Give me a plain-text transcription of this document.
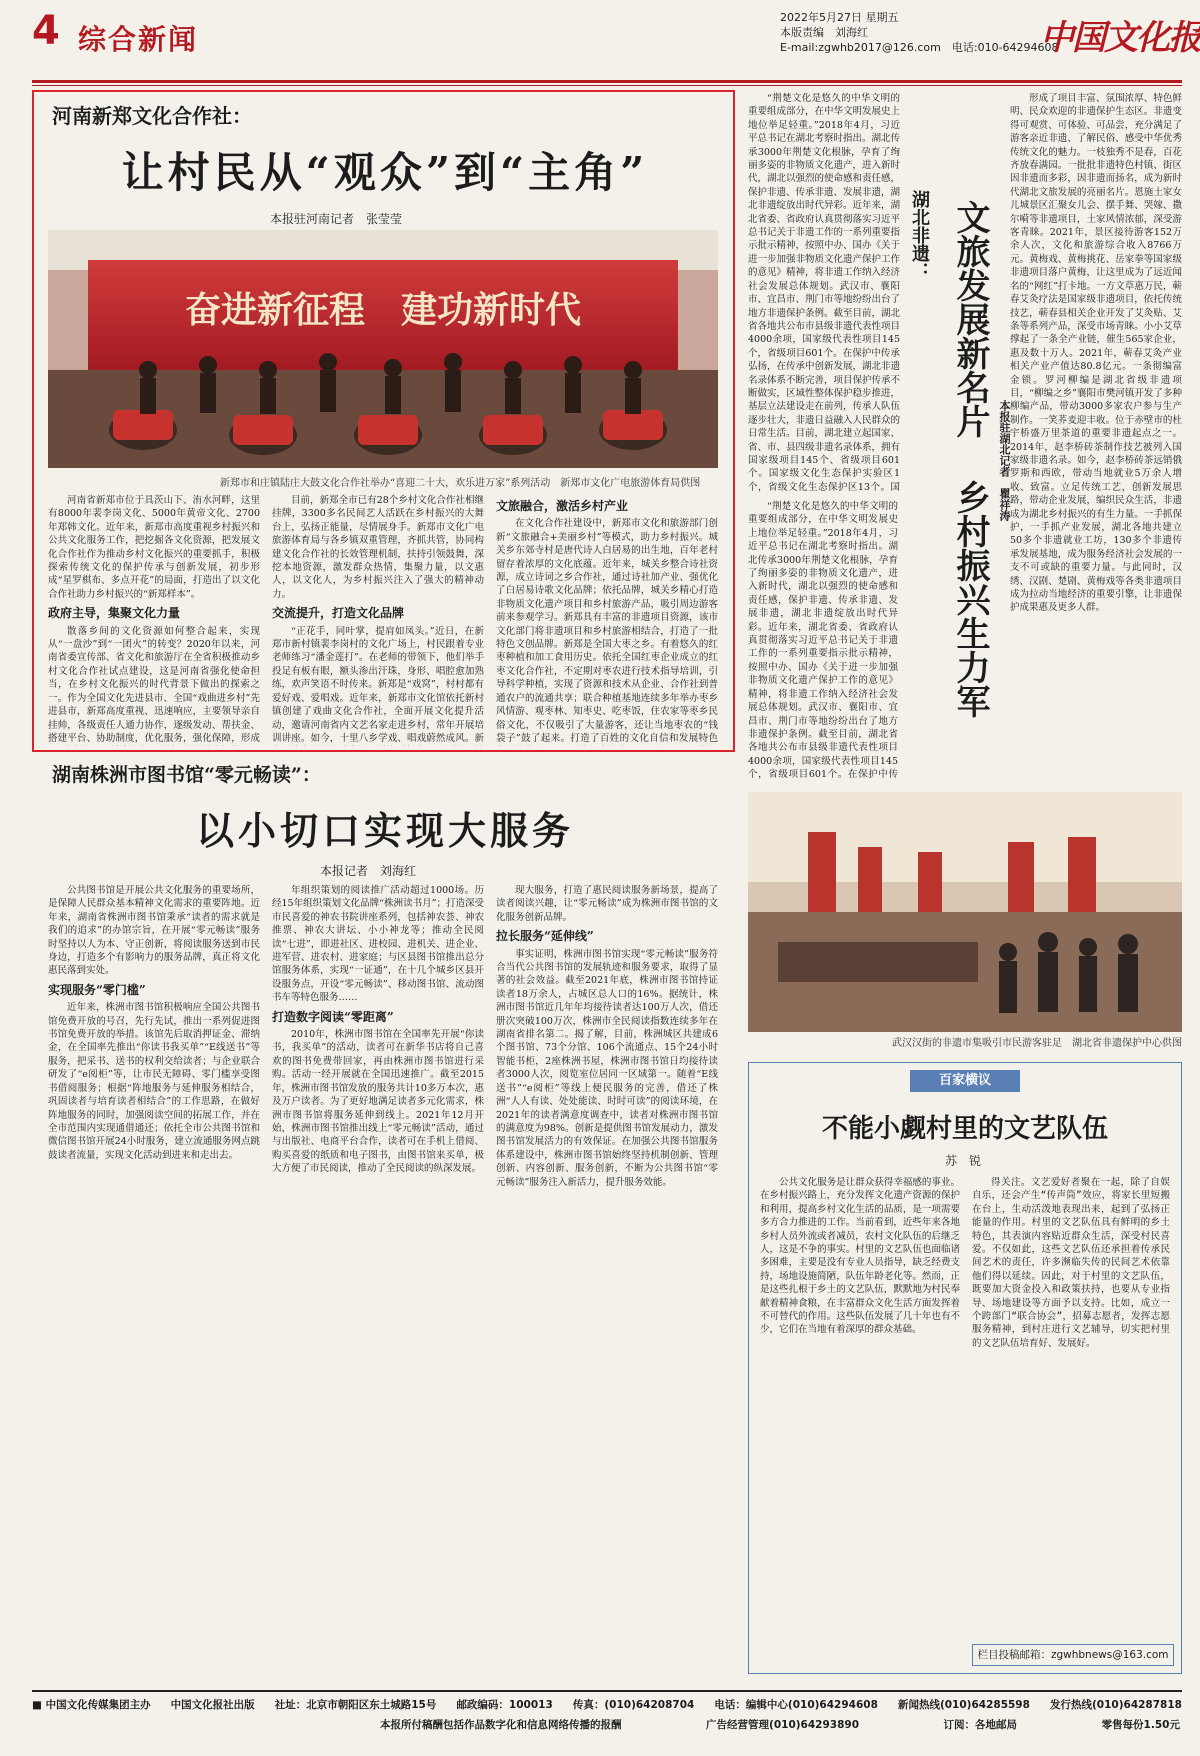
4 综合新闻
2022年5月27日 星期五
本版责编　刘海红
E-mail:zgwhb2017@126.com　电话:010-64294608
中国文化报
河南新郑文化合作社：
让村民从“观众”到“主角”
本报驻河南记者　张莹莹
奋进新征程　建功新时代
新郑市和庄镇陆庄大鼓文化合作社举办“喜迎二十大，欢乐进万家”系列活动　新郑市文化广电旅游体育局供图

河南省新郑市位于具茨山下、洧水河畔，这里有8000年裴李岗文化、5000年黄帝文化、2700年郑韩文化。近年来，新郑市高度重视乡村振兴和公共文化服务工作，把挖掘各文化资源，把发展文化合作社作为推动乡村文化振兴的重要抓手，积极探索传统文化的保护传承与创新发展，初步形成“星罗棋布、多点开花”的局面，打造出了以文化合作社助力乡村振兴的“新郑样本”。

政府主导，集聚文化力量

散落乡间的文化资源如何整合起来，实现从“一盘沙”到“一团火”的转变？2020年以来，河南省委宣传部、省文化和旅游厅在全省积极推动乡村文化合作社试点建设，这是河南省强化使命担当，在乡村文化振兴的时代背景下做出的探索之一。作为全国文化先进县市、全国“戏曲进乡村”先进县市，新郑高度重视、迅速响应，主要领导亲自挂帅，各级责任人通力协作，逐级发动、帮扶金、搭建平台、协助制度，优化服务，强化保障，形成

目前，新郑全市已有28个乡村文化合作社相继挂牌，3300多名民间艺人活跃在乡村振兴的大舞台上，弘扬正能量，尽情展身手。新郑市文化广电旅游体育局与各乡镇双重管理，齐抓共管，协同构建文化合作社的长效管理机制，扶持引领鼓舞，深挖本地资源，激发群众热情，集聚力量，以文惠人，以文化人，为乡村振兴注入了强大的精神动力。

交流提升，打造文化品牌

“正花手，同叶掌，提肩如凤头。”近日，在新郑市新村镇裴李岗村的文化广场上，村民跟着专业老师练习“潘金莲打”。在老师的带领下，他们举手投足有板有眼，额头渗出汗珠，身形、唱腔愈加熟练，欢声笑语不时传来。新郑是“戏窝”，村村都有爱好戏、爱唱戏。近年来，新郑市文化馆依托新村镇创建了戏曲文化合作社，全面开展文化提升活动，邀请河南省内文艺名家走进乡村，常年开展培训讲座。如今，十里八乡学戏、唱戏蔚然成风。新

文旅融合，激活乡村产业

在文化合作社建设中，新郑市文化和旅游部门创新“文旅融合+美丽乡村”等模式，助力乡村振兴。城关乡东郊寺村是唐代诗人白居易的出生地，百年老村留存着浓厚的文化底蕴。近年来，城关乡整合诗社资源，成立诗词之乡合作社，通过诗社加产业、强优化了白居易诗歌文化品牌；依托品牌，城关乡精心打造非物质文化遗产项目和乡村旅游产品，吸引周边游客前来参观学习。新郑具有丰富的非遗项目资源，该市文化部门将非遗项目和乡村旅游相结合，打造了一批特色文创品牌。新郑是全国大枣之乡。有着悠久的红枣种植和加工食用历史。依托全国红枣企业成立的红枣文化合作社，不定期对枣农进行技术指导培训，引导科学种植，实现了资源和技术从企业、合作社到普通农户的流通共享；联合种植基地连续多年举办枣乡风情游、观枣林、知枣史、吃枣饭，住农家等枣乡民俗文化，不仅吸引了大量游客，还让当地枣农的“钱袋子”鼓了起来。打造了百姓的文化自信和发展特色

“荆楚文化是悠久的中华文明的重要组成部分，在中华文明发展史上地位举足轻重。”2018年4月，习近平总书记在湖北考察时指出。湖北传承3000年荆楚文化根脉，孕育了绚丽多姿的非物质文化遗产，进入新时代，湖北以强烈的使命感和责任感，保护非遗、传承非遗、发展非遗，湖北非遗绽放出时代异彩。近年来，湖北省委、省政府认真贯彻落实习近平总书记关于非遗工作的一系列重要指示批示精神，按照中办、国办《关于进一步加强非物质文化遗产保护工作的意见》精神，将非遗工作纳入经济社会发展总体规划。武汉市、襄阳市、宜昌市、荆门市等地纷纷出台了地方非遗保护条例。截至目前，湖北省各地共公布市县级非遗代表性项目4000余项，国家级代表性项目145个，省级项目601个。在保护中传承弘扬，在传承中创新发展，湖北非遗名录体系不断完善，项目保护传承不断做实，区域性整体保护稳步推进，基层立法建设走在前列，传承人队伍逐步壮大，非遗日益融入人民群众的日常生活。目前，湖北建立起国家、省、市、县四级非遗名录体系，拥有国家级项目145个、省级项目601个。国家级文化生态保护实验区1个，省级文化生态保护区13个。国

湖北非遗： 文旅发展新名片
乡村振兴生力军
本报驻湖北记者　瞿祥涛

形成了项目丰富、氛围浓厚、特色鲜明、民众欢迎的非遗保护生态区。非遗变得可观赏、可体验、可品尝，充分满足了游客亲近非遗、了解民俗、感受中华优秀传统文化的魅力。一枝独秀不是春，百花齐放春满园。一批批非遗特色村镇、街区因非遗而多彩，因非遗而扬名，成为新时代湖北文旅发展的亮丽名片。恩施土家女儿城景区汇聚女儿会、摆手舞、哭嫁、撒尔嗬等非遗项目，土家风情浓郁，深受游客青睐。2021年，景区接待游客152万余人次，文化和旅游综合收入8766万元。黄梅戏、黄梅挑花、岳家拳等国家级非遗项目落户黄梅，让这里成为了远近闻名的“网红”打卡地。一方文草惠万民，蕲春艾灸疗法是国家级非遗项目，依托传统技艺，蕲春县相关企业开发了艾灸贴、艾条等系列产品，深受市场青睐。小小艾草撑起了一条全产业链，催生565家企业，惠及数十万人。2021年，蕲春艾灸产业相关产业产值达80.8亿元。一条彻编富金锁。罗河柳编是湖北省级非遗项目，“柳编之乡”襄阳市樊河镇开发了多种柳编产品，带动3000多家农户参与生产制作。一笑荞麦迎丰收。位于赤壁市的杜宇桥盛万里茶道的重要非遗起点之一。2014年，赵李桥砖茶制作技艺被列入国家级非遗名录。如今，赵李桥砖茶远销俄罗斯和西欧，带动当地就业5万余人增收、致富。立足传统工艺，创新发展思路，带动企业发展，编织民众生活，非遗成为湖北乡村振兴的有生力量。一手抓保护，一手抓产业发展，湖北各地共建立50多个非遗就业工坊，130多个非遗传承发展基地，成为服务经济社会发展的一支不可或缺的重要力量。与此同时，汉绣、汉剧、楚剧、黄梅戏等各类非遗项目成为拉动当地经济的重要引擎，让非遗保护成果惠及更多人群。

“荆楚文化是悠久的中华文明的重要组成部分，在中华文明发展史上地位举足轻重。”2018年4月，习近平总书记在湖北考察时指出。湖北传承3000年荆楚文化根脉，孕育了绚丽多姿的非物质文化遗产，进入新时代，湖北以强烈的使命感和责任感，保护非遗、传承非遗、发展非遗，湖北非遗绽放出时代异彩。近年来，湖北省委、省政府认真贯彻落实习近平总书记关于非遗工作的一系列重要指示批示精神，按照中办、国办《关于进一步加强非物质文化遗产保护工作的意见》精神，将非遗工作纳入经济社会发展总体规划。武汉市、襄阳市、宜昌市、荆门市等地纷纷出台了地方非遗保护条例。截至目前，湖北省各地共公布市县级非遗代表性项目4000余项，国家级代表性项目145个，省级项目601个。在保护中传

武汉汉街的非遗市集吸引市民游客驻足　湖北省非遗保护中心供图
湖南株洲市图书馆“零元畅读”：
以小切口实现大服务
本报记者　刘海红

公共图书馆是开展公共文化服务的重要场所，是保障人民群众基本精神文化需求的重要阵地。近年来，湖南省株洲市图书馆秉承“读者的需求就是我们的追求”的办馆宗旨，在开展“零元畅读”服务时坚持以人为本、守正创新，将阅读服务送到市民身边，打造多个有影响力的服务品牌，真正将文化惠民落到实处。

实现服务“零门槛”

近年来，株洲市图书馆积极响应全国公共图书馆免费开放的号召，先行先试，推出一系列促进图书馆免费开放的举措。该馆先后取消押证金、滞纳金，在全国率先推出“你读书我买单”“E线送书”等服务，把采书、送书的权利交给读者；与企业联合研发了“e阅柜”等，让市民无障碍、零门槛享受图书借阅服务；根据“阵地服务与延伸服务相结合，巩固读者与培育读者相结合”的工作思路，在做好阵地服务的同时，加强阅读空间的拓展工作，并在全市范围内实现通借通还；依托全市公共图书馆和微信图书馆开展24小时服务，建立流通服务网点跳鼓读者流量，实现文化活动到进来和走出去。

年组织策划的阅读推广活动超过1000场。历经15年组织策划文化品牌“株洲读书月”；打造深受市民喜爱的神农书院讲座系列，包括神农荟、神农推票、神农大讲坛、小小神龙等；推动全民阅读“七进”，即进社区、进校园、进机关、进企业、进军营、进农村、进家庭；与区县图书馆推出总分馆服务体系，实现“一证通”，在十几个城乡区县开设服务点，开设“零元畅读”、移动图书馆、流动图书车等特色服务……

打造数字阅读“零距离”

2010年，株洲市图书馆在全国率先开展“你读书，我买单”的活动，读者可在新华书店将自己喜欢的图书免费带回家，再由株洲市图书馆进行采购。活动一经开展就在全国迅速推广。截至2015年，株洲市图书馆发放的服务共计10多万本次，惠及万户读者。为了更好地满足读者多元化需求，株洲市图书馆将服务延伸到线上。2021年12月开始，株洲市图书馆推出线上“零元畅读”活动，通过与出版社、电商平台合作，读者可在手机上借阅、购买喜爱的纸质和电子图书，由图书馆来买单，极大方便了市民阅读，推动了全民阅读的纵深发展。

现大服务，打造了惠民阅读服务新场景，提高了读者阅读兴趣，让“零元畅读”成为株洲市图书馆的文化服务创新品牌。

拉长服务“延伸线”

事实证明，株洲市图书馆实现“零元畅读”服务符合当代公共图书馆的发展轨迹和服务要求，取得了显著的社会效益。截至2021年底，株洲市图书馆持证读者18万余人，占城区总人口的16%。据统计，株洲市图书馆近几年年均接待读者达100万人次，借还册次突破100万次，株洲市全民阅读指数连续多年在湖南省排名第二。揭了解，目前，株洲城区共建成6个图书馆、73个分馆、106个流通点、15个24小时智能书柜，2座株洲书屋，株洲市图书馆日均接待读者3000人次，阅览室位居同一区域第一。随着“E线送书”“e阅柜”等线上便民服务的完善，借还了株洲“人人有读、处处能读、时时可读”的阅读环境，在2021年的读者满意度调查中，读者对株洲市图书馆的满意度为98%。创新是提供图书馆发展动力，激发图书馆发展活力的有效保证。在加强公共图书馆服务体系建设中，株洲市图书馆始终坚持机制创新、管理创新、内容创新、服务创新，不断为公共图书馆“零元畅读”服务注入新活力，提升服务效能。

百家横议
不能小觑村里的文艺队伍
苏　锐

公共文化服务是让群众获得幸福感的事业。在乡村振兴路上，充分发挥文化遗产资源的保护和利用，提高乡村文化生活的品质，是一项需要多方合力推进的工作。当前看到，近些年来各地乡村人员外流或者减员，农村文化队伍的后继乏人，这是不争的事实。村里的文艺队伍也面临诸多困难，主要是没有专业人员指导，缺乏经费支持，场地设施简陋，队伍年龄老化等。然而，正是这些扎根于乡土的文艺队伍，默默地为村民奉献着精神食粮，在丰富群众文化生活方面发挥着不可替代的作用。这些队伍发展了几十年也有不少，它们在当地有着深厚的群众基础。

得关注。文艺爱好者聚在一起，除了自娱自乐，还会产生“传声筒”效应，将家长里短搬在台上，生动活泼地表现出来，起到了弘扬正能量的作用。村里的文艺队伍具有鲜明的乡土特色，其表演内容贴近群众生活，深受村民喜爱。不仅如此，这些文艺队伍还承担着传承民间艺术的责任，许多濒临失传的民间艺术依靠他们得以延续。因此，对于村里的文艺队伍，既要加大资金投入和政策扶持，也要从专业指导、场地建设等方面予以支持。比如，成立一个跨部门“联合协会”，招募志愿者，发挥志愿服务精神，到村庄进行文艺辅导，切实把村里的文艺队伍培育好、发展好。

栏目投稿邮箱：zgwhbnews@163.com
■ 中国文化传媒集团主办 中国文化报社出版 社址：北京市朝阳区东土城路15号 邮政编码：100013 传真：(010)64208704 电话：编辑中心(010)64294608 新闻热线(010)64285598 发行热线(010)64287818
本报所付稿酬包括作品数字化和信息网络传播的报酬	广告经营管理(010)64293890	订阅：各地邮局	零售每份1.50元
